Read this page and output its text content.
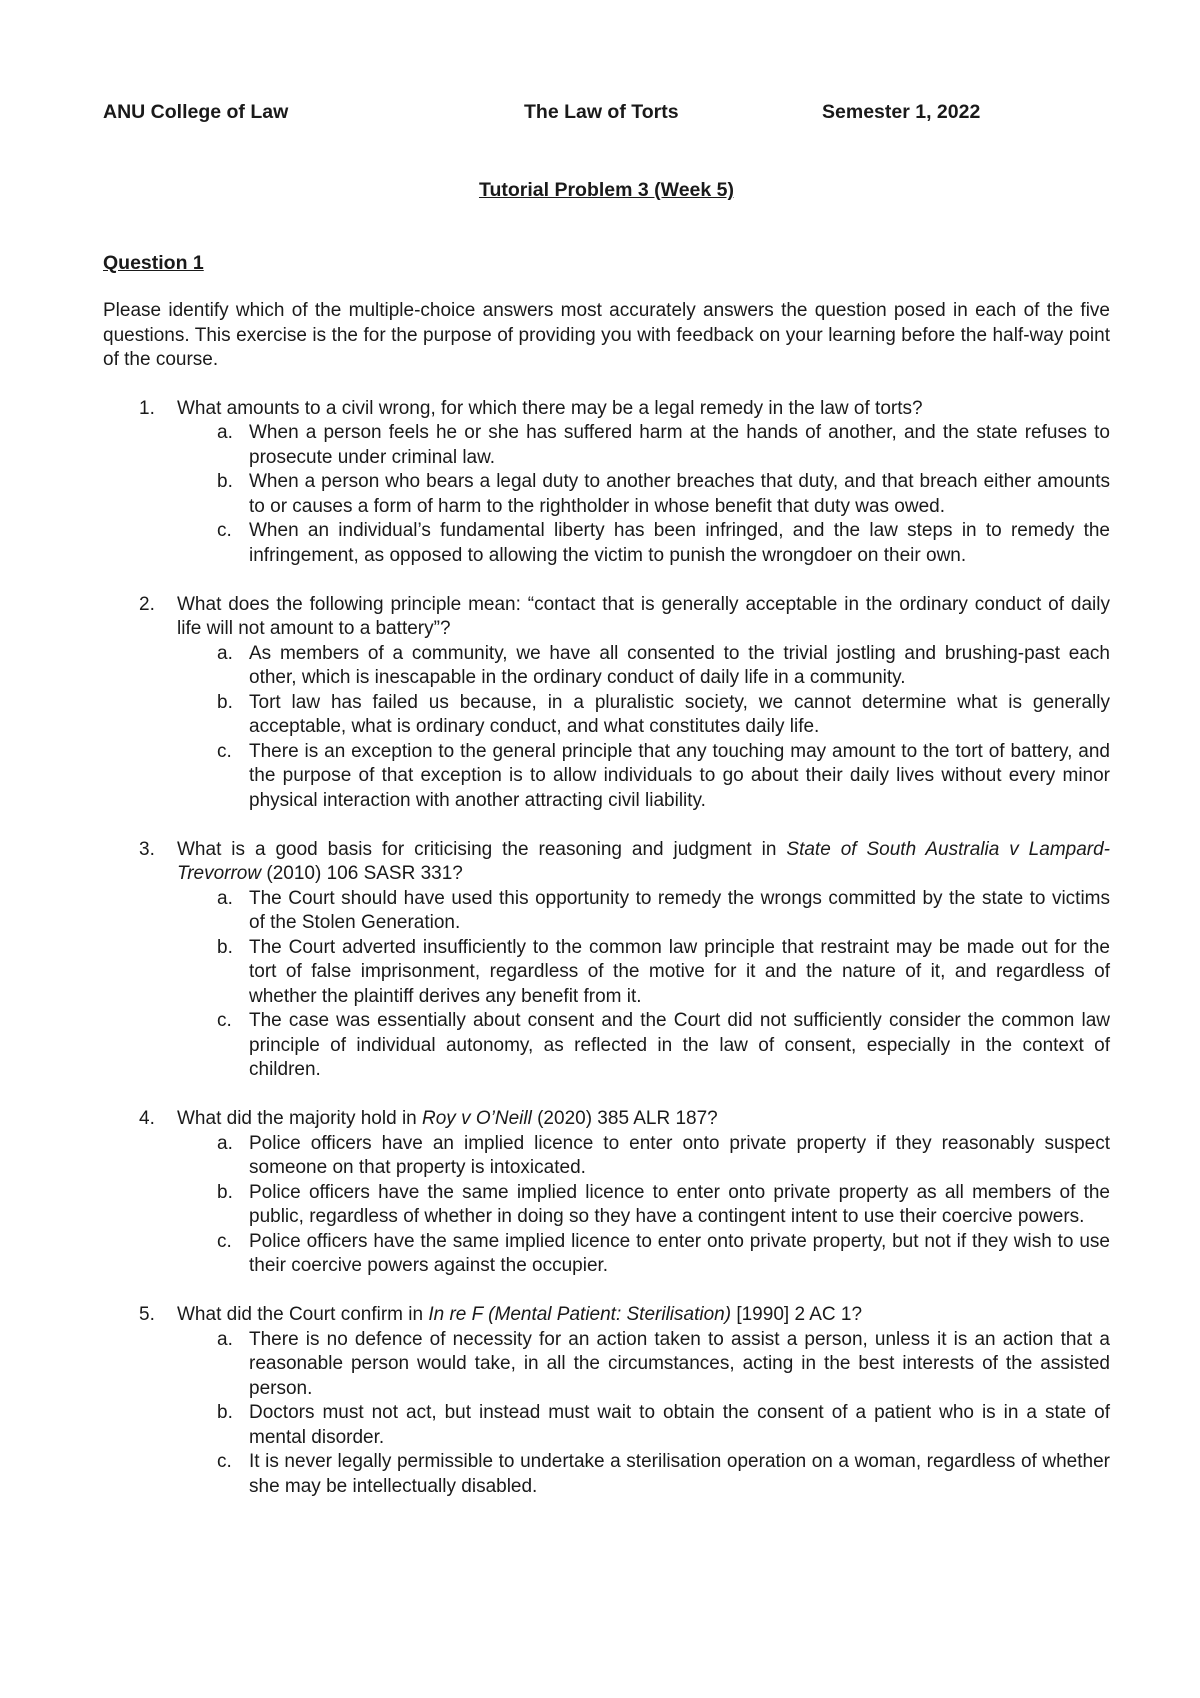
ANU College of Law	The Law of Torts	Semester 1, 2022
Tutorial Problem 3 (Week 5)
Question 1
Please identify which of the multiple-choice answers most accurately answers the question posed in each of the five questions. This exercise is the for the purpose of providing you with feedback on your learning before the half-way point of the course.
1. What amounts to a civil wrong, for which there may be a legal remedy in the law of torts?
a. When a person feels he or she has suffered harm at the hands of another, and the state refuses to prosecute under criminal law.
b. When a person who bears a legal duty to another breaches that duty, and that breach either amounts to or causes a form of harm to the rightholder in whose benefit that duty was owed.
c. When an individual’s fundamental liberty has been infringed, and the law steps in to remedy the infringement, as opposed to allowing the victim to punish the wrongdoer on their own.
2. What does the following principle mean: “contact that is generally acceptable in the ordinary conduct of daily life will not amount to a battery”?
a. As members of a community, we have all consented to the trivial jostling and brushing-past each other, which is inescapable in the ordinary conduct of daily life in a community.
b. Tort law has failed us because, in a pluralistic society, we cannot determine what is generally acceptable, what is ordinary conduct, and what constitutes daily life.
c. There is an exception to the general principle that any touching may amount to the tort of battery, and the purpose of that exception is to allow individuals to go about their daily lives without every minor physical interaction with another attracting civil liability.
3. What is a good basis for criticising the reasoning and judgment in State of South Australia v Lampard-Trevorrow (2010) 106 SASR 331?
a. The Court should have used this opportunity to remedy the wrongs committed by the state to victims of the Stolen Generation.
b. The Court adverted insufficiently to the common law principle that restraint may be made out for the tort of false imprisonment, regardless of the motive for it and the nature of it, and regardless of whether the plaintiff derives any benefit from it.
c. The case was essentially about consent and the Court did not sufficiently consider the common law principle of individual autonomy, as reflected in the law of consent, especially in the context of children.
4. What did the majority hold in Roy v O’Neill (2020) 385 ALR 187?
a. Police officers have an implied licence to enter onto private property if they reasonably suspect someone on that property is intoxicated.
b. Police officers have the same implied licence to enter onto private property as all members of the public, regardless of whether in doing so they have a contingent intent to use their coercive powers.
c. Police officers have the same implied licence to enter onto private property, but not if they wish to use their coercive powers against the occupier.
5. What did the Court confirm in In re F (Mental Patient: Sterilisation) [1990] 2 AC 1?
a. There is no defence of necessity for an action taken to assist a person, unless it is an action that a reasonable person would take, in all the circumstances, acting in the best interests of the assisted person.
b. Doctors must not act, but instead must wait to obtain the consent of a patient who is in a state of mental disorder.
c. It is never legally permissible to undertake a sterilisation operation on a woman, regardless of whether she may be intellectually disabled.
